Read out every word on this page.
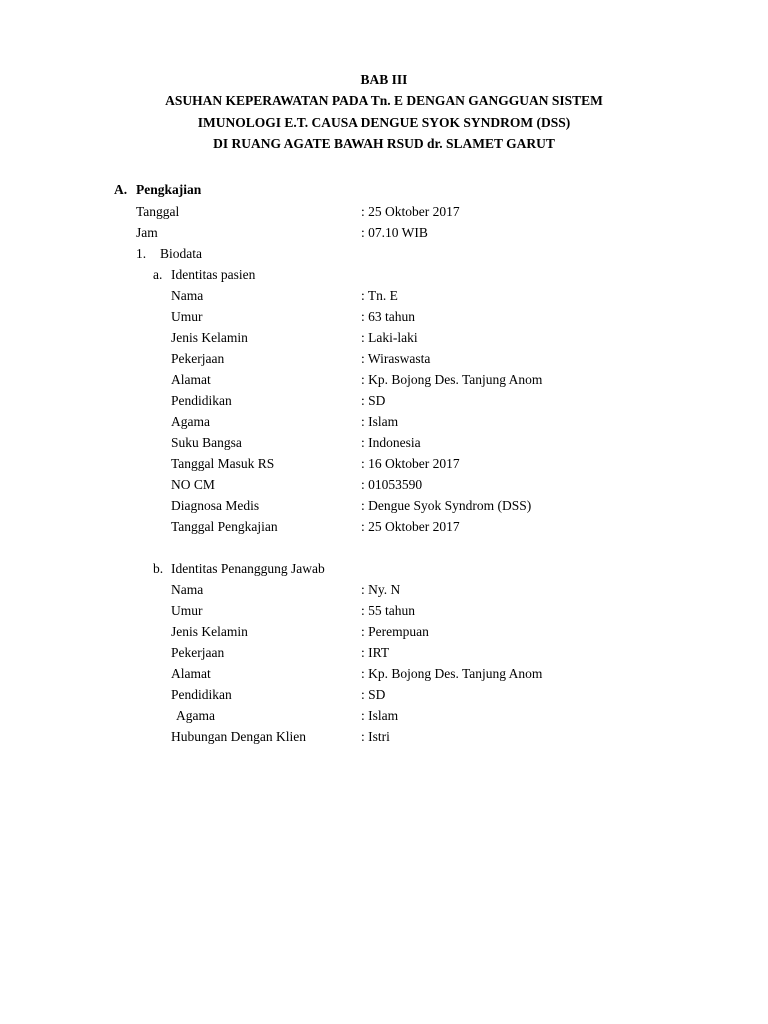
BAB III
ASUHAN KEPERAWATAN PADA Tn. E DENGAN GANGGUAN SISTEM
IMUNOLOGI E.T. CAUSA DENGUE SYOK SYNDROM (DSS)
DI RUANG AGATE BAWAH RSUD dr. SLAMET GARUT
A. Pengkajian
Tanggal	: 25 Oktober 2017
Jam	: 07.10 WIB
1. Biodata
a. Identitas pasien
Nama	: Tn. E
Umur	: 63 tahun
Jenis Kelamin	: Laki-laki
Pekerjaan	: Wiraswasta
Alamat	: Kp. Bojong Des. Tanjung Anom
Pendidikan	: SD
Agama	: Islam
Suku Bangsa	: Indonesia
Tanggal Masuk RS	: 16 Oktober 2017
NO CM	: 01053590
Diagnosa Medis	: Dengue Syok Syndrom (DSS)
Tanggal Pengkajian	: 25 Oktober 2017
b. Identitas Penanggung Jawab
Nama	: Ny. N
Umur	: 55 tahun
Jenis Kelamin	: Perempuan
Pekerjaan	: IRT
Alamat	: Kp. Bojong Des. Tanjung Anom
Pendidikan	: SD
Agama	: Islam
Hubungan Dengan Klien	: Istri
